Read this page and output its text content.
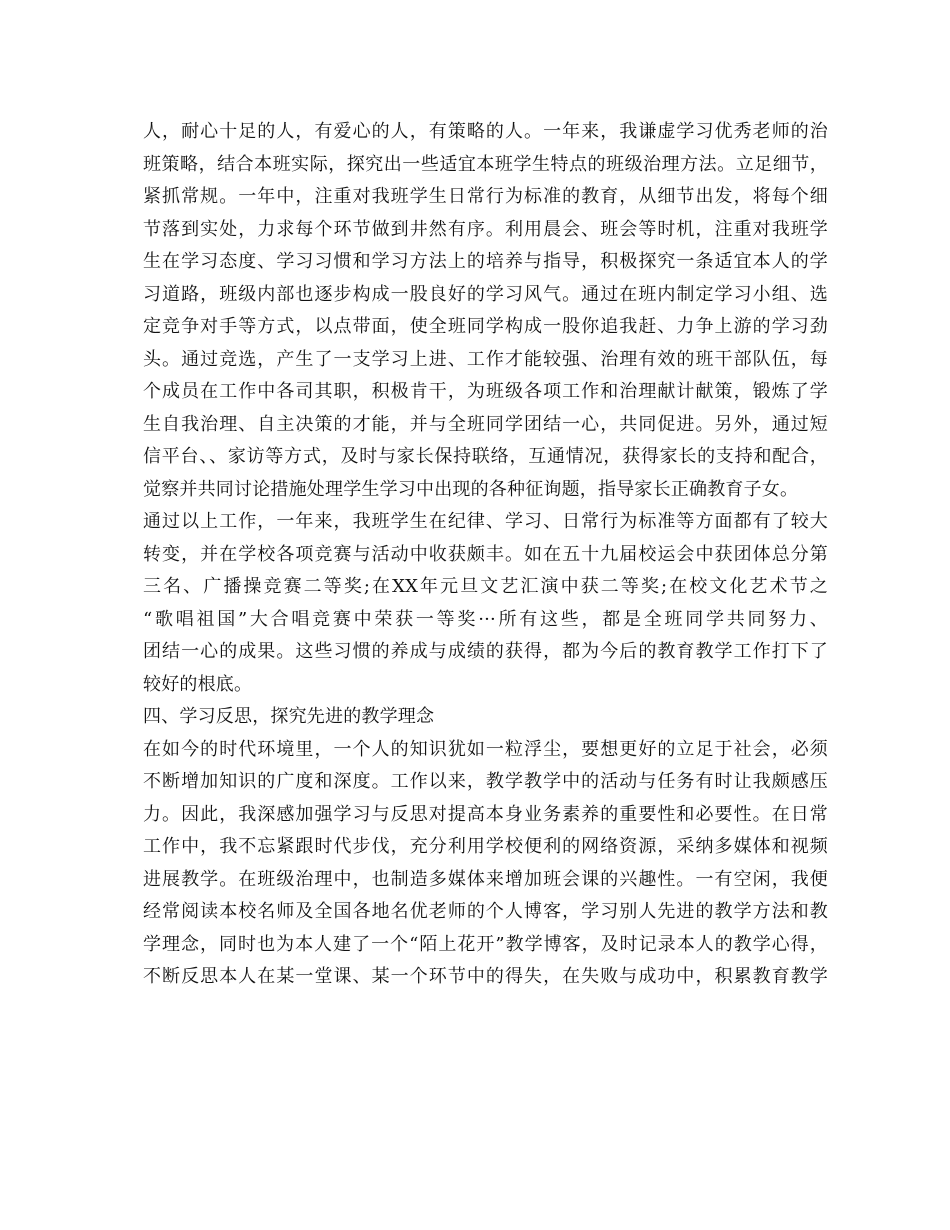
人，耐心十足的人，有爱心的人，有策略的人。一年来，我谦虚学习优秀老师的治
班策略，结合本班实际，探究出一些适宜本班学生特点的班级治理方法。立足细节，
紧抓常规。一年中，注重对我班学生日常行为标准的教育，从细节出发，将每个细
节落到实处，力求每个环节做到井然有序。利用晨会、班会等时机，注重对我班学
生在学习态度、学习习惯和学习方法上的培养与指导，积极探究一条适宜本人的学
习道路，班级内部也逐步构成一股良好的学习风气。通过在班内制定学习小组、选
定竞争对手等方式，以点带面，使全班同学构成一股你追我赶、力争上游的学习劲
头。通过竞选，产生了一支学习上进、工作才能较强、治理有效的班干部队伍，每
个成员在工作中各司其职，积极肯干，为班级各项工作和治理献计献策，锻炼了学
生自我治理、自主决策的才能，并与全班同学团结一心，共同促进。另外，通过短
信平台、、家访等方式，及时与家长保持联络，互通情况，获得家长的支持和配合，
觉察并共同讨论措施处理学生学习中出现的各种征询题，指导家长正确教育子女。
通过以上工作，一年来，我班学生在纪律、学习、日常行为标准等方面都有了较大
转变，并在学校各项竞赛与活动中收获颇丰。如在五十九届校运会中获团体总分第
三名、广播操竞赛二等奖;在XX年元旦文艺汇演中获二等奖;在校文化艺术节之
“歌唱祖国”大合唱竞赛中荣获一等奖···所有这些，都是全班同学共同努力、
团结一心的成果。这些习惯的养成与成绩的获得，都为今后的教育教学工作打下了
较好的根底。
四、学习反思，探究先进的教学理念
在如今的时代环境里，一个人的知识犹如一粒浮尘，要想更好的立足于社会，必须
不断增加知识的广度和深度。工作以来，教学教学中的活动与任务有时让我颇感压
力。因此，我深感加强学习与反思对提高本身业务素养的重要性和必要性。在日常
工作中，我不忘紧跟时代步伐，充分利用学校便利的网络资源，采纳多媒体和视频
进展教学。在班级治理中，也制造多媒体来增加班会课的兴趣性。一有空闲，我便
经常阅读本校名师及全国各地名优老师的个人博客，学习别人先进的教学方法和教
学理念，同时也为本人建了一个“陌上花开”教学博客，及时记录本人的教学心得，
不断反思本人在某一堂课、某一个环节中的得失，在失败与成功中，积累教育教学
